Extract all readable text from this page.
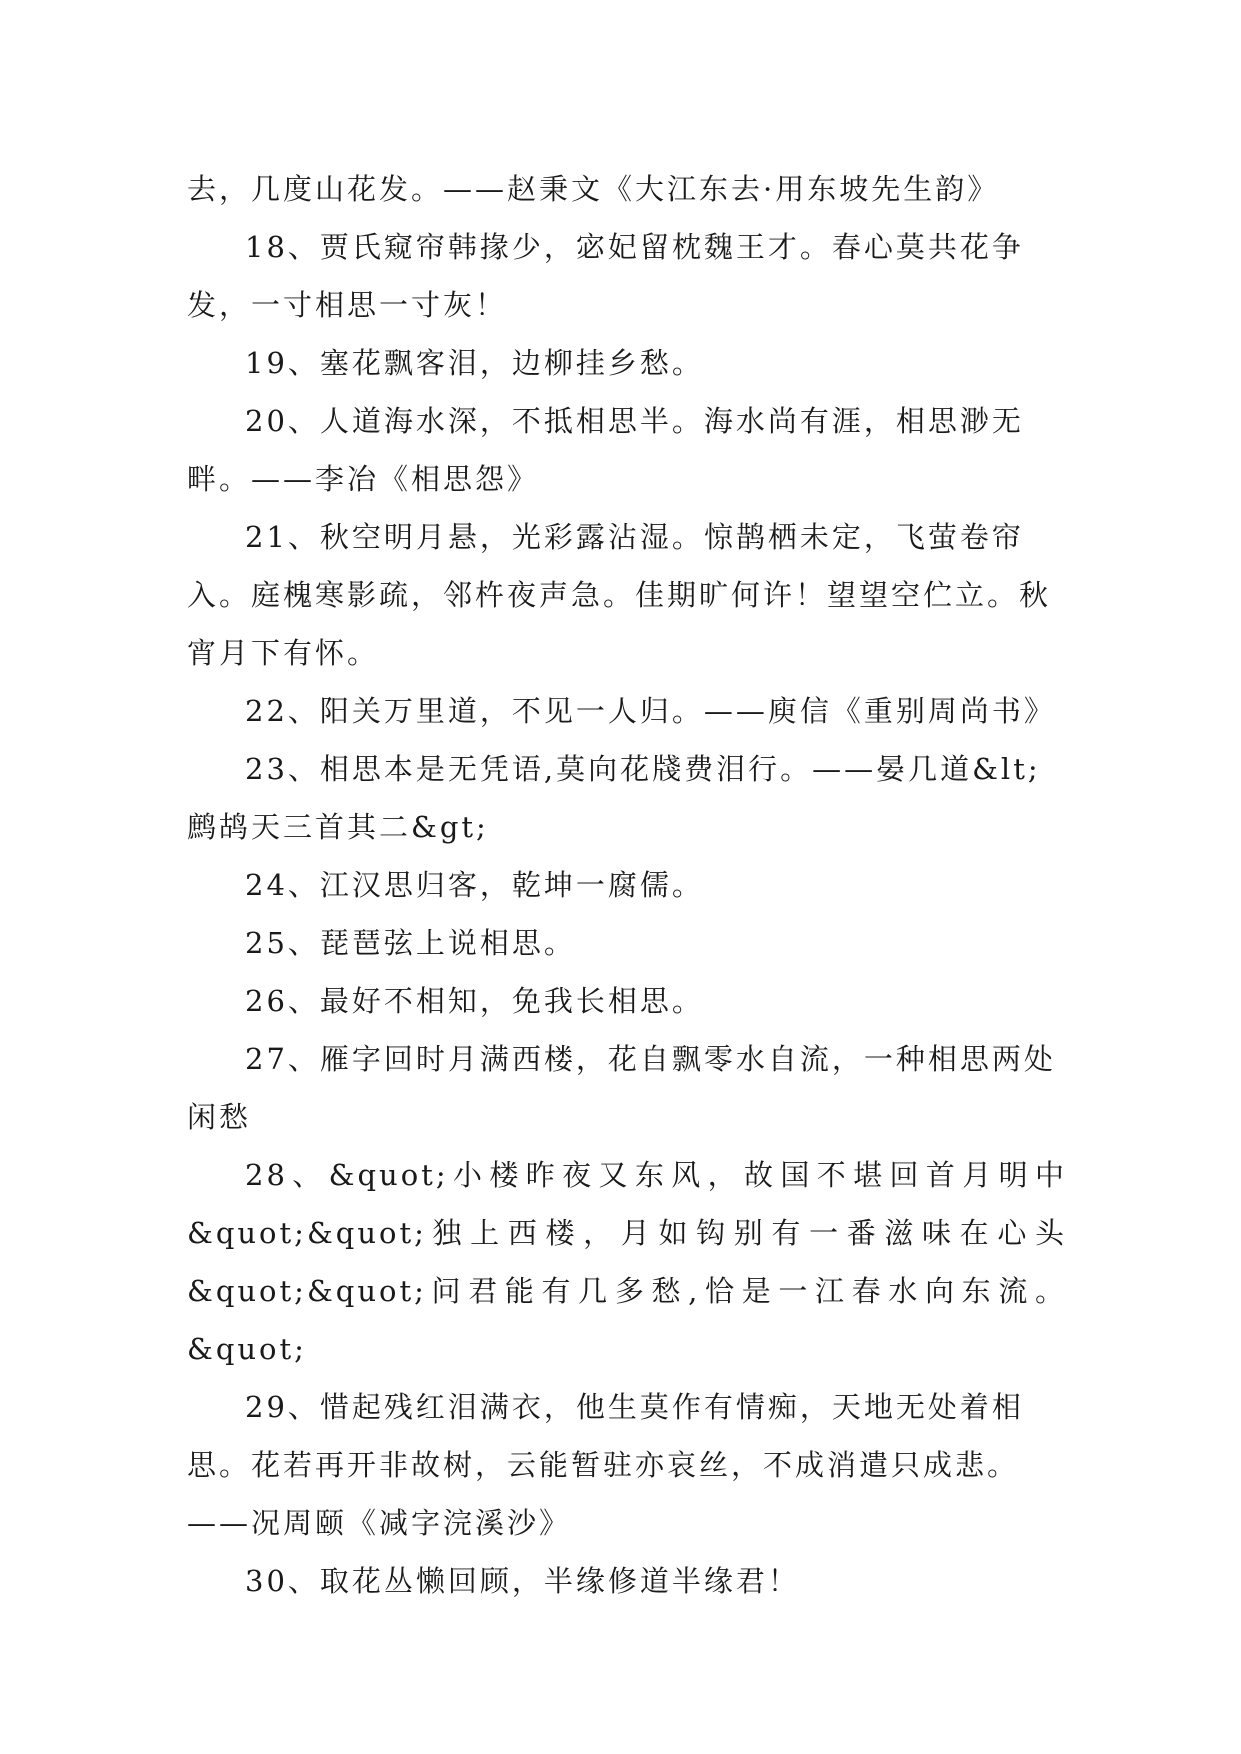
去，几度山花发。——赵秉文《大江东去·用东坡先生韵》

18、贾氏窥帘韩掾少，宓妃留枕魏王才。春心莫共花争发，一寸相思一寸灰！

19、塞花飘客泪，边柳挂乡愁。

20、人道海水深，不抵相思半。海水尚有涯，相思渺无畔。——李冶《相思怨》

21、秋空明月悬，光彩露沾湿。惊鹊栖未定，飞萤卷帘入。庭槐寒影疏，邻杵夜声急。佳期旷何许！望望空伫立。秋宵月下有怀。

22、阳关万里道，不见一人归。——庾信《重别周尚书》

23、相思本是无凭语,莫向花牋费泪行。——晏几道&lt;鹧鸪天三首其二&gt;

24、江汉思归客，乾坤一腐儒。

25、琵琶弦上说相思。

26、最好不相知，免我长相思。

27、雁字回时月满西楼，花自飘零水自流，一种相思两处闲愁

28、&quot;小楼昨夜又东风，故国不堪回首月明中&quot;&quot;独上西楼，月如钩别有一番滋味在心头&quot;&quot;问君能有几多愁,恰是一江春水向东流。&quot;

29、惜起残红泪满衣，他生莫作有情痴，天地无处着相思。花若再开非故树，云能暂驻亦哀丝，不成消遣只成悲。——况周颐《减字浣溪沙》

30、取花丛懒回顾，半缘修道半缘君！
